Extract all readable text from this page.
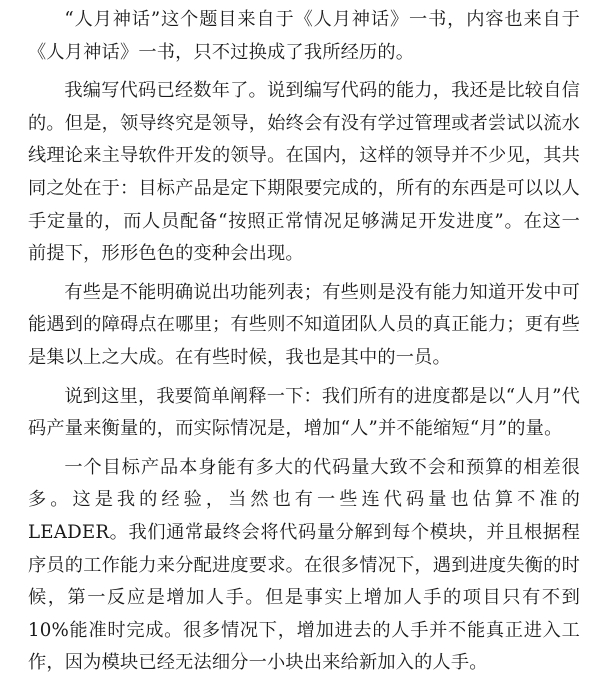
“人月神话”这个题目来自于《人月神话》一书，内容也来自于《人月神话》一书，只不过换成了我所经历的。

我编写代码已经数年了。说到编写代码的能力，我还是比较自信的。但是，领导终究是领导，始终会有没有学过管理或者尝试以流水线理论来主导软件开发的领导。在国内，这样的领导并不少见，其共同之处在于：目标产品是定下期限要完成的，所有的东西是可以以人手定量的，而人员配备“按照正常情况足够满足开发进度”。在这一前提下，形形色色的变种会出现。

有些是不能明确说出功能列表；有些则是没有能力知道开发中可能遇到的障碍点在哪里；有些则不知道团队人员的真正能力；更有些是集以上之大成。在有些时候，我也是其中的一员。

说到这里，我要简单阐释一下：我们所有的进度都是以“人月”代码产量来衡量的，而实际情况是，增加“人”并不能缩短“月”的量。

一个目标产品本身能有多大的代码量大致不会和预算的相差很多。这是我的经验，当然也有一些连代码量也估算不准的LEADER。我们通常最终会将代码量分解到每个模块，并且根据程序员的工作能力来分配进度要求。在很多情况下，遇到进度失衡的时候，第一反应是增加人手。但是事实上增加人手的项目只有不到10%能准时完成。很多情况下，增加进去的人手并不能真正进入工作，因为模块已经无法细分一小块出来给新加入的人手。
